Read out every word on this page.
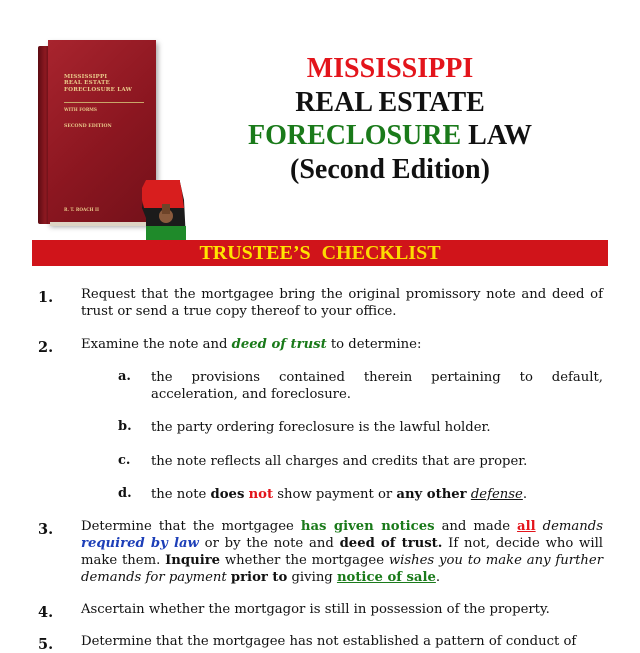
MISSISSIPPI
REAL ESTATE
FORECLOSURE LAW
WITH FORMS
SECOND EDITION
R. T. ROACH II
MISSISSIPPI
REAL ESTATE
FORECLOSURE LAW
(Second Edition)
TRUSTEE’S CHECKLIST
1. Request that the mortgagee bring the original promissory note and deed of trust or send a true copy thereof to your office.
2. Examine the note and deed of trust to determine:
a. the provisions contained therein pertaining to default, acceleration, and foreclosure.
b. the party ordering foreclosure is the lawful holder.
c. the note reflects all charges and credits that are proper.
d. the note does not show payment or any other defense.
3. Determine that the mortgagee has given notices and made all demands required by law or by the note and deed of trust. If not, decide who will make them. Inquire whether the mortgagee wishes you to make any further demands for payment prior to giving notice of sale.
4. Ascertain whether the mortgagor is still in possession of the property.
5. Determine that the mortgagee has not established a pattern of conduct of
